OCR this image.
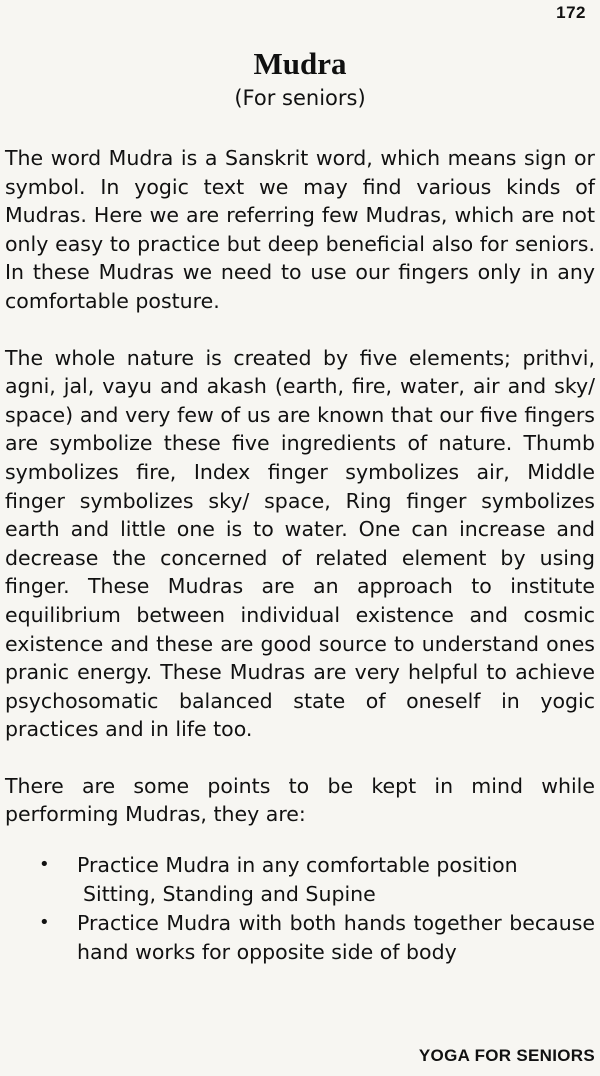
172
Mudra
(For seniors)

The word Mudra is a Sanskrit word, which means sign or symbol. In yogic text we may find various kinds of Mudras. Here we are referring few Mudras, which are not only easy to practice but deep beneficial also for seniors. In these Mudras we need to use our fingers only in any comfortable posture.

The whole nature is created by five elements; prithvi, agni, jal, vayu and akash (earth, fire, water, air and sky/ space) and very few of us are known that our five fingers are symbolize these five ingredients of nature. Thumb symbolizes fire, Index finger symbolizes air, Middle finger symbolizes sky/ space, Ring finger symbolizes earth and little one is to water. One can increase and decrease the concerned of related element by using finger. These Mudras are an approach to institute equilibrium between individual existence and cosmic existence and these are good source to understand ones pranic energy. These Mudras are very helpful to achieve psychosomatic balanced state of oneself in yogic practices and in life too.

There are some points to be kept in mind while performing Mudras, they are:

• Practice Mudra in any comfortable position
Sitting, Standing and Supine
• Practice Mudra with both hands together because hand works for opposite side of body
YOGA FOR SENIORS
